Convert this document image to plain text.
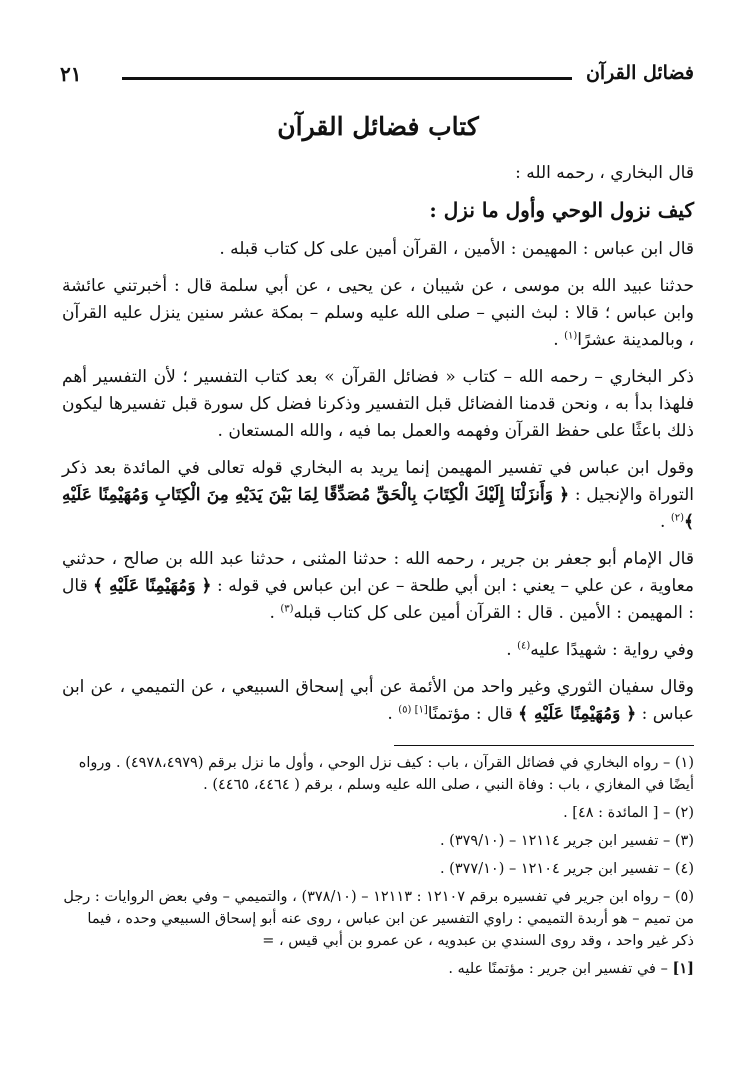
فضائل القرآن
٢١
كتاب فضائل القرآن

قال البخاري ، رحمه الله :

كيف نزول الوحي وأول ما نزل :

قال ابن عباس : المهيمن : الأمين ، القرآن أمين على كل كتاب قبله .

حدثنا عبيد الله بن موسى ، عن شيبان ، عن يحيى ، عن أبي سلمة قال : أخبرتني عائشة وابن عباس ؛ قالا : لبث النبي – صلى الله عليه وسلم – بمكة عشر سنين ينزل عليه القرآن ، وبالمدينة عشرًا$^{(١)}$ .

ذكر البخاري – رحمه الله – كتاب « فضائل القرآن » بعد كتاب التفسير ؛ لأن التفسير أهم فلهذا بدأ به ، ونحن قدمنا الفضائل قبل التفسير وذكرنا فضل كل سورة قبل تفسيرها ليكون ذلك باعثًا على حفظ القرآن وفهمه والعمل بما فيه ، والله المستعان .

وقول ابن عباس في تفسير المهيمن إنما يريد به البخاري قوله تعالى في المائدة بعد ذكر التوراة والإنجيل : ﴿ وَأَنزَلْنَا إِلَيْكَ الْكِتَابَ بِالْحَقِّ مُصَدِّقًا لِمَا بَيْنَ يَدَيْهِ مِنَ الْكِتَابِ وَمُهَيْمِنًا عَلَيْهِ ﴾$^{(٢)}$ .

قال الإمام أبو جعفر بن جرير ، رحمه الله : حدثنا المثنى ، حدثنا عبد الله بن صالح ، حدثني معاوية ، عن علي – يعني : ابن أبي طلحة – عن ابن عباس في قوله : ﴿ وَمُهَيْمِنًا عَلَيْهِ ﴾ قال : المهيمن : الأمين . قال : القرآن أمين على كل كتاب قبله$^{(٣)}$ .

وفي رواية : شهيدًا عليه$^{(٤)}$ .

وقال سفيان الثوري وغير واحد من الأئمة عن أبي إسحاق السبيعي ، عن التميمي ، عن ابن عباس : ﴿ وَمُهَيْمِنًا عَلَيْهِ ﴾ قال : مؤتمنًا[١] $^{(٥)}$ .

(١) – رواه البخاري في فضائل القرآن ، باب : كيف نزل الوحي ، وأول ما نزل برقم (٤٩٧٨،٤٩٧٩) . ورواه أيضًا في المغازي ، باب : وفاة النبي ، صلى الله عليه وسلم ، برقم ( ٤٤٦٤، ٤٤٦٥) .

(٢) – [ المائدة : ٤٨] .

(٣) – تفسير ابن جرير ١٢١١٤ – (٣٧٩/١٠) .

(٤) – تفسير ابن جرير ١٢١٠٤ – (٣٧٧/١٠) .

(٥) – رواه ابن جرير في تفسيره برقم ١٢١٠٧ : ١٢١١٣ – (٣٧٨/١٠) ، والتميمي – وفي بعض الروايات : رجل من تميم – هو أربدة التميمي : راوي التفسير عن ابن عباس ، روى عنه أبو إسحاق السبيعي وحده ، فيما ذكر غير واحد ، وقد روى السندي بن عبدويه ، عن عمرو بن أبي قيس ، =

[١] – في تفسير ابن جرير : مؤتمنًا عليه .
